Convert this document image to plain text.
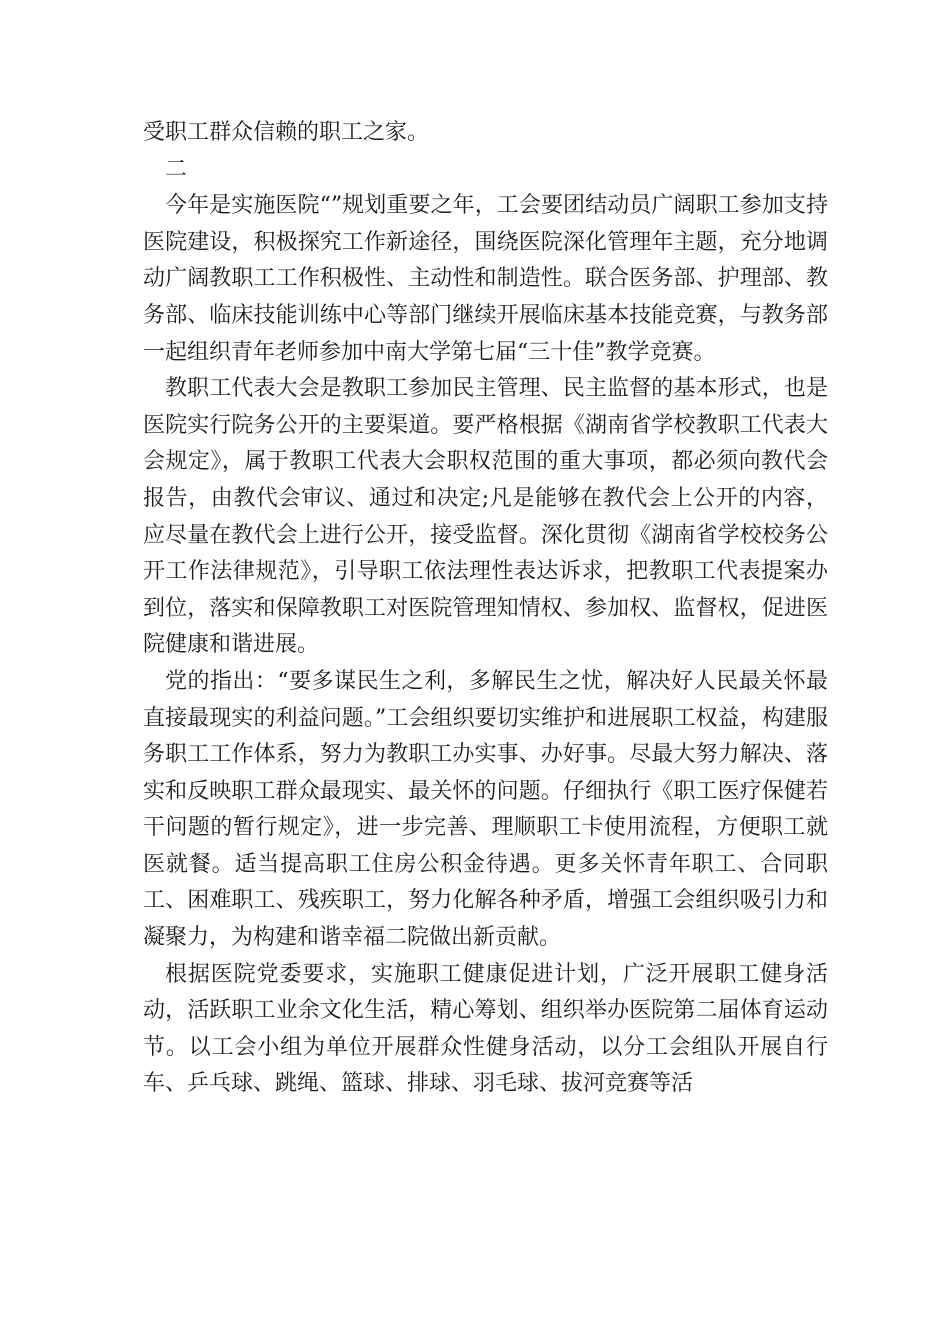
受职工群众信赖的职工之家。

二

今年是实施医院“”规划重要之年，工会要团结动员广阔职工参加支持医院建设，积极探究工作新途径，围绕医院深化管理年主题，充分地调动广阔教职工工作积极性、主动性和制造性。联合医务部、护理部、教务部、临床技能训练中心等部门继续开展临床基本技能竞赛，与教务部一起组织青年老师参加中南大学第七届“三十佳”教学竞赛。

教职工代表大会是教职工参加民主管理、民主监督的基本形式，也是医院实行院务公开的主要渠道。要严格根据《湖南省学校教职工代表大会规定》，属于教职工代表大会职权范围的重大事项，都必须向教代会报告，由教代会审议、通过和决定;凡是能够在教代会上公开的内容，应尽量在教代会上进行公开，接受监督。深化贯彻《湖南省学校校务公开工作法律规范》，引导职工依法理性表达诉求，把教职工代表提案办到位，落实和保障教职工对医院管理知情权、参加权、监督权，促进医院健康和谐进展。

党的指出：“要多谋民生之利，多解民生之忧，解决好人民最关怀最直接最现实的利益问题。”工会组织要切实维护和进展职工权益，构建服务职工工作体系，努力为教职工办实事、办好事。尽最大努力解决、落实和反映职工群众最现实、最关怀的问题。仔细执行《职工医疗保健若干问题的暂行规定》，进一步完善、理顺职工卡使用流程，方便职工就医就餐。适当提高职工住房公积金待遇。更多关怀青年职工、合同职工、困难职工、残疾职工，努力化解各种矛盾，增强工会组织吸引力和凝聚力，为构建和谐幸福二院做出新贡献。

根据医院党委要求，实施职工健康促进计划，广泛开展职工健身活动，活跃职工业余文化生活，精心筹划、组织举办医院第二届体育运动节。以工会小组为单位开展群众性健身活动，以分工会组队开展自行车、乒乓球、跳绳、篮球、排球、羽毛球、拔河竞赛等活
